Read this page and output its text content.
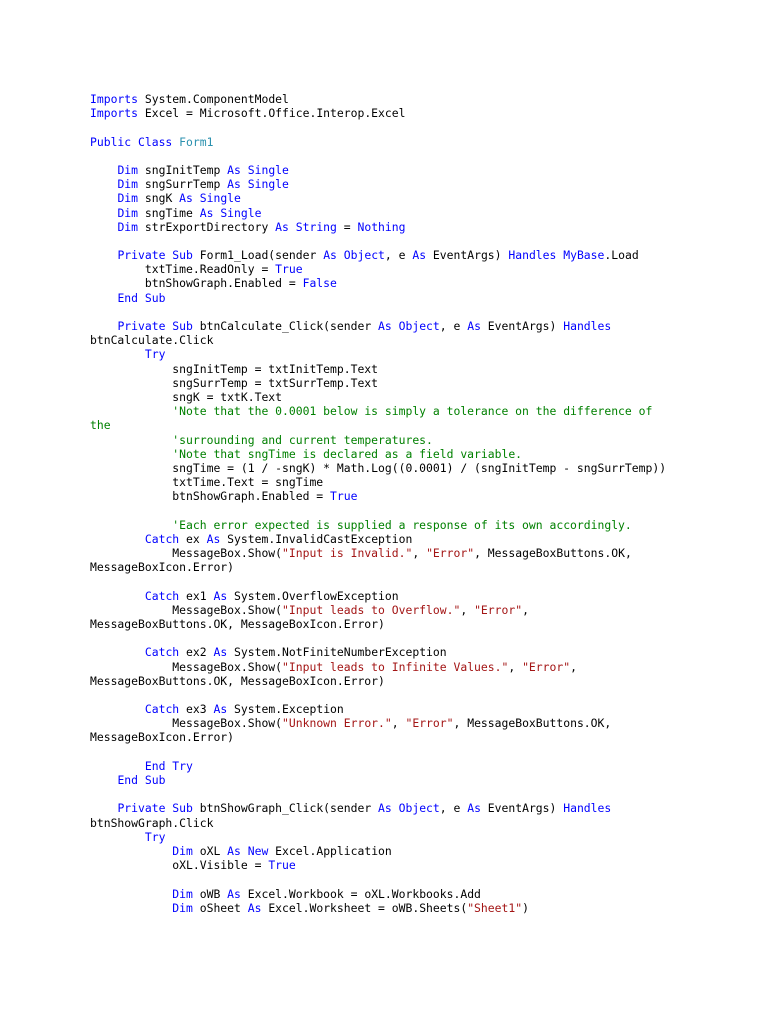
Imports System.ComponentModel
Imports Excel = Microsoft.Office.Interop.Excel
Public Class Form1
Dim sngInitTemp As Single
Dim sngSurrTemp As Single
Dim sngK As Single
Dim sngTime As Single
Dim strExportDirectory As String = Nothing
Private Sub Form1_Load(sender As Object, e As EventArgs) Handles MyBase.Load
txtTime.ReadOnly = True
btnShowGraph.Enabled = False
End Sub
Private Sub btnCalculate_Click(sender As Object, e As EventArgs) Handles
btnCalculate.Click
Try
sngInitTemp = txtInitTemp.Text
sngSurrTemp = txtSurrTemp.Text
sngK = txtK.Text
'Note that the 0.0001 below is simply a tolerance on the difference of
the
'surrounding and current temperatures.
'Note that sngTime is declared as a field variable.
sngTime = (1 / -sngK) * Math.Log((0.0001) / (sngInitTemp - sngSurrTemp))
txtTime.Text = sngTime
btnShowGraph.Enabled = True
'Each error expected is supplied a response of its own accordingly.
Catch ex As System.InvalidCastException
MessageBox.Show("Input is Invalid.", "Error", MessageBoxButtons.OK,
MessageBoxIcon.Error)
Catch ex1 As System.OverflowException
MessageBox.Show("Input leads to Overflow.", "Error",
MessageBoxButtons.OK, MessageBoxIcon.Error)
Catch ex2 As System.NotFiniteNumberException
MessageBox.Show("Input leads to Infinite Values.", "Error",
MessageBoxButtons.OK, MessageBoxIcon.Error)
Catch ex3 As System.Exception
MessageBox.Show("Unknown Error.", "Error", MessageBoxButtons.OK,
MessageBoxIcon.Error)
End Try
End Sub
Private Sub btnShowGraph_Click(sender As Object, e As EventArgs) Handles
btnShowGraph.Click
Try
Dim oXL As New Excel.Application
oXL.Visible = True
Dim oWB As Excel.Workbook = oXL.Workbooks.Add
Dim oSheet As Excel.Worksheet = oWB.Sheets("Sheet1")
